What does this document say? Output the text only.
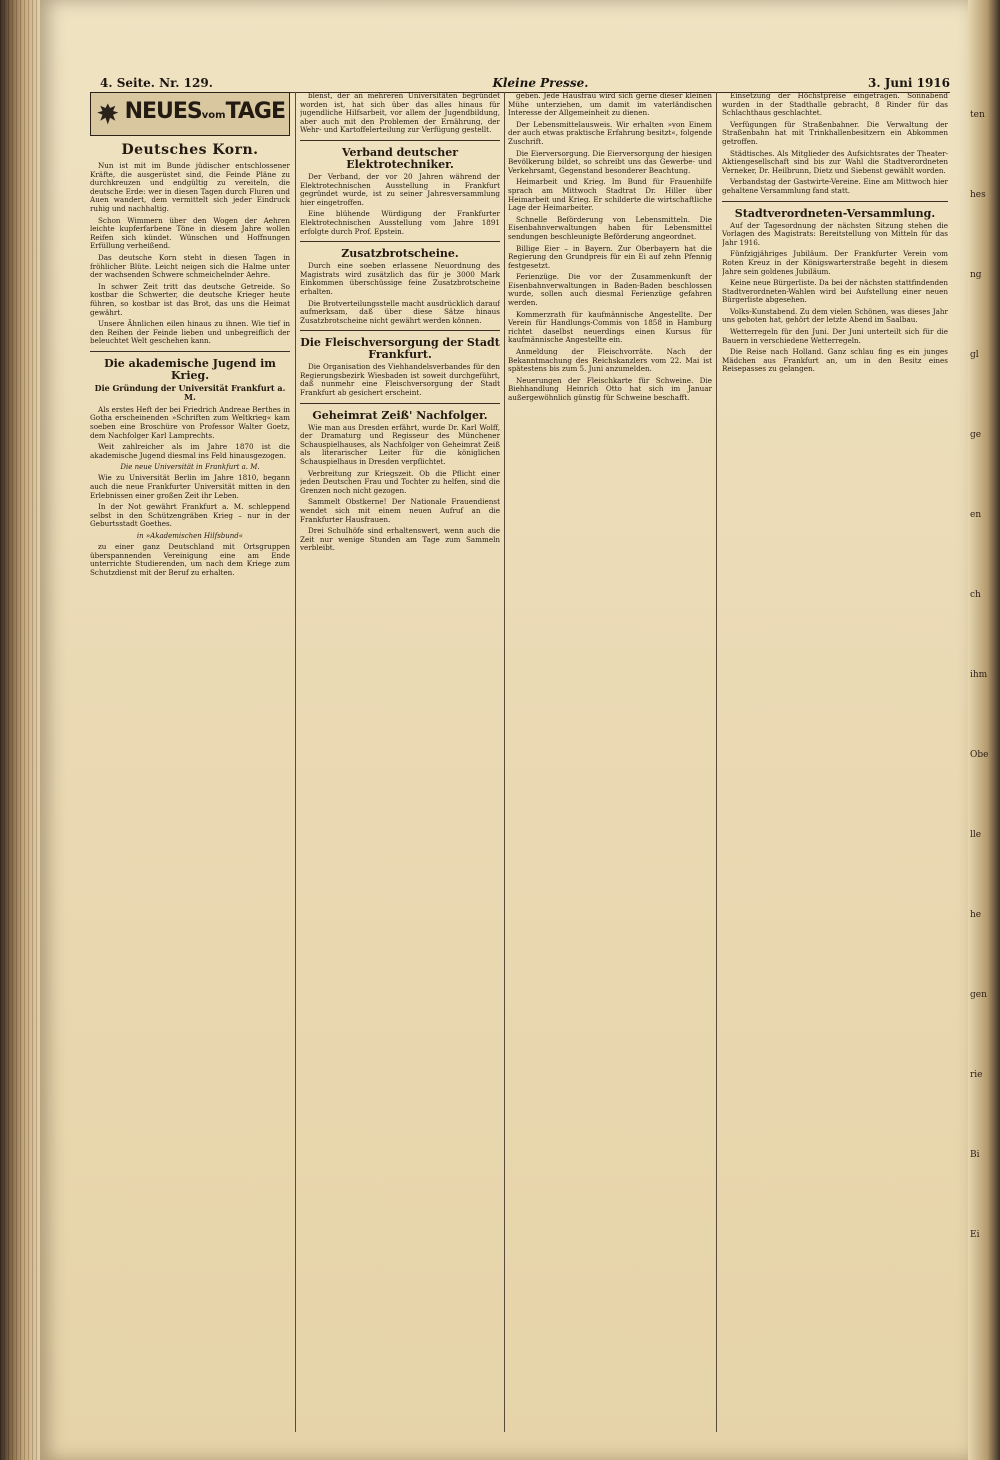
4. Seite. Nr. 129.	Kleine Presse.	3. Juni 1916
NEUESvomTAGE
Deutsches Korn.

Nun ist mit im Bunde jüdischer entschlossener Kräfte, die ausgerüstet sind, die Feinde Pläne zu durchkreuzen und endgültig zu vereiteln, die deutsche Erde: wer in diesen Tagen durch Fluren und Auen wandert, dem vermittelt sich jeder Eindruck ruhig und nachhaltig.

Schon Wimmern über den Wogen der Aehren leichte kupferfarbene Töne in diesem Jahre wollen Reifen sich kündet. Wünschen und Hoffnungen Erfüllung verheißend.

Das deutsche Korn steht in diesen Tagen in fröhlicher Blüte. Leicht neigen sich die Halme unter der wachsenden Schwere schmeichelnder Aehre.

In schwer Zeit tritt das deutsche Getreide. So kostbar die Schwerter, die deutsche Krieger heute führen, so kostbar ist das Brot, das uns die Heimat gewährt.

Unsere Ähnlichen eilen hinaus zu ihnen. Wie tief in den Reihen der Feinde lieben und unbegreiflich der beleuchtet Welt geschehen kann.

Die akademische Jugend im Krieg.
Die Gründung der Universität Frankfurt a. M.

Als erstes Heft der bei Friedrich Andreae Berthes in Gotha erscheinenden »Schriften zum Weltkrieg« kam soeben eine Broschüre von Professor Walter Goetz, dem Nachfolger Karl Lamprechts.

Weit zahlreicher als im Jahre 1870 ist die akademische Jugend diesmal ins Feld hinausgezogen.

Die neue Universität in Frankfurt a. M.

Wie zu Universität Berlin im Jahre 1810, begann auch die neue Frankfurter Universität mitten in den Erlebnissen einer großen Zeit ihr Leben.

In der Not gewährt Frankfurt a. M. schleppend selbst in den Schützengräben Krieg – nur in der Geburtsstadt Goethes.

in »Akademischen Hilfsbund«

zu einer ganz Deutschland mit Ortsgruppen überspannenden Vereinigung eine am Ende unterrichte Studierenden, um nach dem Kriege zum Schutzdienst mit der Beruf zu erhalten.

blenst, der an mehreren Universitäten begründet worden ist, hat sich über das alles hinaus für jugendliche Hilfsarbeit, vor allem der Jugendbildung, aber auch mit den Problemen der Ernährung, der Wehr- und Kartoffelerteilung zur Verfügung gestellt.

Verband deutscher Elektrotechniker.

Der Verband, der vor 20 Jahren während der Elektrotechnischen Ausstellung in Frankfurt gegründet wurde, ist zu seiner Jahresversammlung hier eingetroffen.

Eine blühende Würdigung der Frankfurter Elektrotechnischen Ausstellung vom Jahre 1891 erfolgte durch Prof. Epstein.

Zusatzbrotscheine.

Durch eine soeben erlassene Neuordnung des Magistrats wird zusätzlich das für je 3000 Mark Einkommen überschüssige feine Zusatzbrotscheine erhalten.

Die Brotverteilungsstelle macht ausdrücklich darauf aufmerksam, daß über diese Sätze hinaus Zusatzbrotscheine nicht gewährt werden können.

Die Fleischversorgung der Stadt Frankfurt.

Die Organisation des Viehhandelsverbandes für den Regierungsbezirk Wiesbaden ist soweit durchgeführt, daß nunmehr eine Fleischversorgung der Stadt Frankfurt ab gesichert erscheint.

Geheimrat Zeiß' Nachfolger.

Wie man aus Dresden erfährt, wurde Dr. Karl Wolff, der Dramaturg und Regisseur des Münchener Schauspielhauses, als Nachfolger von Geheimrat Zeiß als literarischer Leiter für die königlichen Schauspielhaus in Dresden verpflichtet.

Verbreitung zur Kriegszeit. Ob die Pflicht einer jeden Deutschen Frau und Tochter zu helfen, sind die Grenzen noch nicht gezogen.

Sammelt Obstkerne! Der Nationale Frauendienst wendet sich mit einem neuen Aufruf an die Frankfurter Hausfrauen.

Drei Schulhöfe sind erhaltenswert, wenn auch die Zeit nur wenige Stunden am Tage zum Sammeln verbleibt.

geben. Jede Hausfrau wird sich gerne dieser kleinen Mühe unterziehen, um damit im vaterländischen Interesse der Allgemeinheit zu dienen.

Der Lebensmittelausweis. Wir erhalten »von Einem der auch etwas praktische Erfahrung besitzt«, folgende Zuschrift.

Die Eierversorgung. Die Eierversorgung der hiesigen Bevölkerung bildet, so schreibt uns das Gewerbe- und Verkehrsamt, Gegenstand besonderer Beachtung.

Heimarbeit und Krieg. Im Bund für Frauenhilfe sprach am Mittwoch Stadtrat Dr. Hiller über Heimarbeit und Krieg. Er schilderte die wirtschaftliche Lage der Heimarbeiter.

Schnelle Beförderung von Lebensmitteln. Die Eisenbahnverwaltungen haben für Lebensmittel sendungen beschleunigte Beförderung angeordnet.

Billige Eier – in Bayern. Zur Oberbayern hat die Regierung den Grundpreis für ein Ei auf zehn Pfennig festgesetzt.

Ferienzüge. Die vor der Zusammenkunft der Eisenbahnverwaltungen in Baden-Baden beschlossen wurde, sollen auch diesmal Ferienzüge gefahren werden.

Kommerzrath für kaufmännische Angestellte. Der Verein für Handlungs-Commis von 1858 in Hamburg richtet daselbst neuerdings einen Kursus für kaufmännische Angestellte ein.

Anmeldung der Fleischvorräte. Nach der Bekanntmachung des Reichskanzlers vom 22. Mai ist spätestens bis zum 5. Juni anzumelden.

Neuerungen der Fleischkarte für Schweine. Die Biehhandlung Heinrich Otto hat sich im Januar außergewöhnlich günstig für Schweine beschafft.

Einsetzung der Höchstpreise eingetragen. Sonnabend wurden in der Stadthalle gebracht, 8 Rinder für das Schlachthaus geschlachtet.

Verfügungen für Straßenbahner. Die Verwaltung der Straßenbahn hat mit Trinkhallenbesitzern ein Abkommen getroffen.

Städtisches. Als Mitglieder des Aufsichtsrates der Theater-Aktiengesellschaft sind bis zur Wahl die Stadtverordneten Verneker, Dr. Heilbrunn, Dietz und Siebenst gewählt worden.

Verbandstag der Gastwirte-Vereine. Eine am Mittwoch hier gehaltene Versammlung fand statt.

Stadtverordneten-Versammlung.

Auf der Tagesordnung der nächsten Sitzung stehen die Vorlagen des Magistrats: Bereitstellung von Mitteln für das Jahr 1916.

Fünfzigjähriges Jubiläum. Der Frankfurter Verein vom Roten Kreuz in der Königswarterstraße begeht in diesem Jahre sein goldenes Jubiläum.

Keine neue Bürgerliste. Da bei der nächsten stattfindenden Stadtverordneten-Wahlen wird bei Aufstellung einer neuen Bürgerliste abgesehen.

Volks-Kunstabend. Zu dem vielen Schönen, was dieses Jahr uns geboten hat, gehört der letzte Abend im Saalbau.

Wetterregeln für den Juni. Der Juni unterteilt sich für die Bauern in verschiedene Wetterregeln.

Die Reise nach Holland. Ganz schlau fing es ein junges Mädchen aus Frankfurt an, um in den Besitz eines Reisepasses zu gelangen.

ten
hes
ng
gl
ge
en
ch
ihm
Obe
lle
he
gen
rie
Bi
Ei
